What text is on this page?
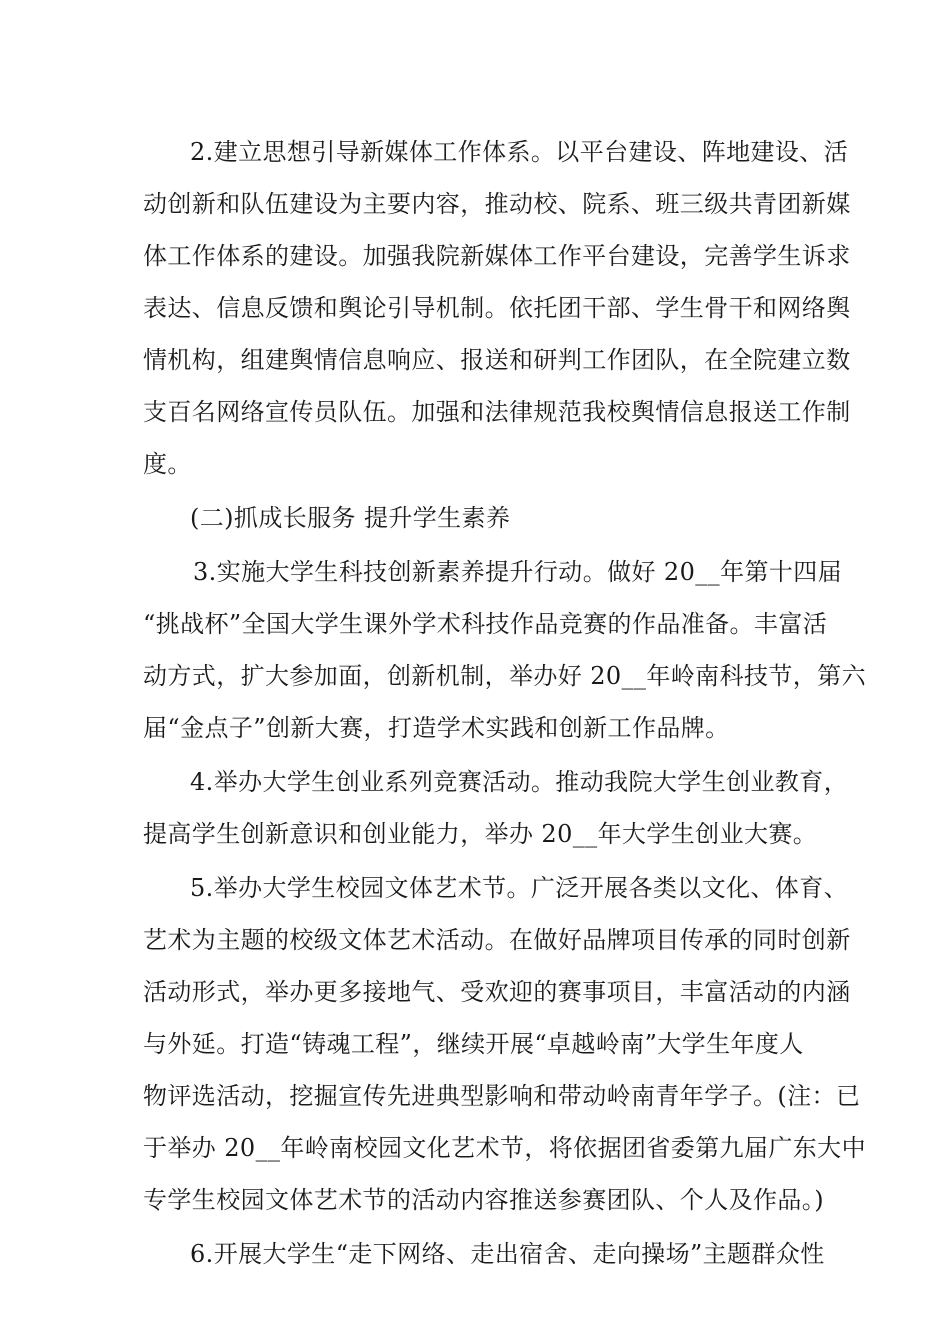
2.建立思想引导新媒体工作体系。以平台建设、阵地建设、活
动创新和队伍建设为主要内容，推动校、院系、班三级共青团新媒
体工作体系的建设。加强我院新媒体工作平台建设，完善学生诉求
表达、信息反馈和舆论引导机制。依托团干部、学生骨干和网络舆
情机构，组建舆情信息响应、报送和研判工作团队，在全院建立数
支百名网络宣传员队伍。加强和法律规范我校舆情信息报送工作制
度。
(二)抓成长服务 提升学生素养
3.实施大学生科技创新素养提升行动。做好 20__年第十四届
“挑战杯”全国大学生课外学术科技作品竞赛的作品准备。丰富活
动方式，扩大参加面，创新机制，举办好 20__年岭南科技节，第六
届“金点子”创新大赛，打造学术实践和创新工作品牌。
4.举办大学生创业系列竞赛活动。推动我院大学生创业教育，
提高学生创新意识和创业能力，举办 20__年大学生创业大赛。
5.举办大学生校园文体艺术节。广泛开展各类以文化、体育、
艺术为主题的校级文体艺术活动。在做好品牌项目传承的同时创新
活动形式，举办更多接地气、受欢迎的赛事项目，丰富活动的内涵
与外延。打造“铸魂工程”，继续开展“卓越岭南”大学生年度人
物评选活动，挖掘宣传先进典型影响和带动岭南青年学子。(注：已
于举办 20__年岭南校园文化艺术节，将依据团省委第九届广东大中
专学生校园文体艺术节的活动内容推送参赛团队、个人及作品。)
6.开展大学生“走下网络、走出宿舍、走向操场”主题群众性
